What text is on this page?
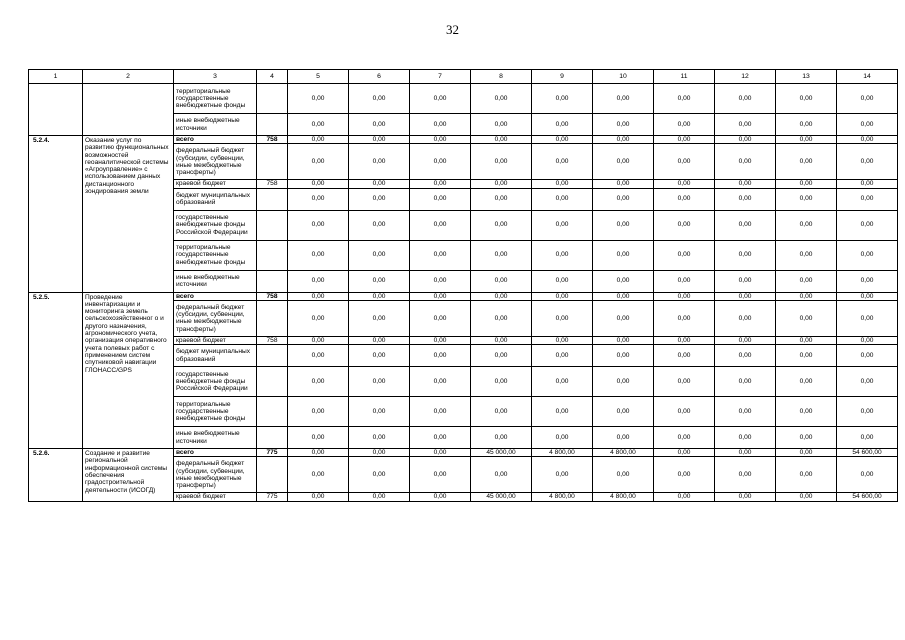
32
1	2	3	4	5	6	7	8	9	10	11	12	13	14
		территориальные государственные внебюджетные фонды		0,00	0,00	0,00	0,00	0,00	0,00	0,00	0,00	0,00	0,00
		иные внебюджетные источники		0,00	0,00	0,00	0,00	0,00	0,00	0,00	0,00	0,00	0,00
5.2.4.	Оказание услуг по развитию функциональных возможностей геоаналитической системы «Агроуправление» с использованием данных дистанционного зондирования земли	всего	758	0,00	0,00	0,00	0,00	0,00	0,00	0,00	0,00	0,00	0,00
		федеральный бюджет (субсидии, субвенции, иные межбюджетные трансферты)		0,00	0,00	0,00	0,00	0,00	0,00	0,00	0,00	0,00	0,00
		краевой бюджет	758	0,00	0,00	0,00	0,00	0,00	0,00	0,00	0,00	0,00	0,00
		бюджет муниципальных образований		0,00	0,00	0,00	0,00	0,00	0,00	0,00	0,00	0,00	0,00
		государственные внебюджетные фонды Российской Федерации		0,00	0,00	0,00	0,00	0,00	0,00	0,00	0,00	0,00	0,00
		территориальные государственные внебюджетные фонды		0,00	0,00	0,00	0,00	0,00	0,00	0,00	0,00	0,00	0,00
		иные внебюджетные источники		0,00	0,00	0,00	0,00	0,00	0,00	0,00	0,00	0,00	0,00
5.2.5.	Проведение инвентаризации и мониторинга земель сельскохозяйственног о и другого назначения, агрономического учета, организация оперативного учета полевых работ с применением систем спутниковой навигации ГЛОНАСС/GPS	всего	758	0,00	0,00	0,00	0,00	0,00	0,00	0,00	0,00	0,00	0,00
		федеральный бюджет (субсидии, субвенции, иные межбюджетные трансферты)		0,00	0,00	0,00	0,00	0,00	0,00	0,00	0,00	0,00	0,00
		краевой бюджет	758	0,00	0,00	0,00	0,00	0,00	0,00	0,00	0,00	0,00	0,00
		бюджет муниципальных образований		0,00	0,00	0,00	0,00	0,00	0,00	0,00	0,00	0,00	0,00
		государственные внебюджетные фонды Российской Федерации		0,00	0,00	0,00	0,00	0,00	0,00	0,00	0,00	0,00	0,00
		территориальные государственные внебюджетные фонды		0,00	0,00	0,00	0,00	0,00	0,00	0,00	0,00	0,00	0,00
		иные внебюджетные источники		0,00	0,00	0,00	0,00	0,00	0,00	0,00	0,00	0,00	0,00
5.2.6.	Создание и развитие региональной информационной системы обеспечения градостроительной деятельности (ИСОГД)	всего	775	0,00	0,00	0,00	45 000,00	4 800,00	4 800,00	0,00	0,00	0,00	54 600,00
		федеральный бюджет (субсидии, субвенции, иные межбюджетные трансферты)		0,00	0,00	0,00	0,00	0,00	0,00	0,00	0,00	0,00	0,00
		краевой бюджет	775	0,00	0,00	0,00	45 000,00	4 800,00	4 800,00	0,00	0,00	0,00	54 600,00
